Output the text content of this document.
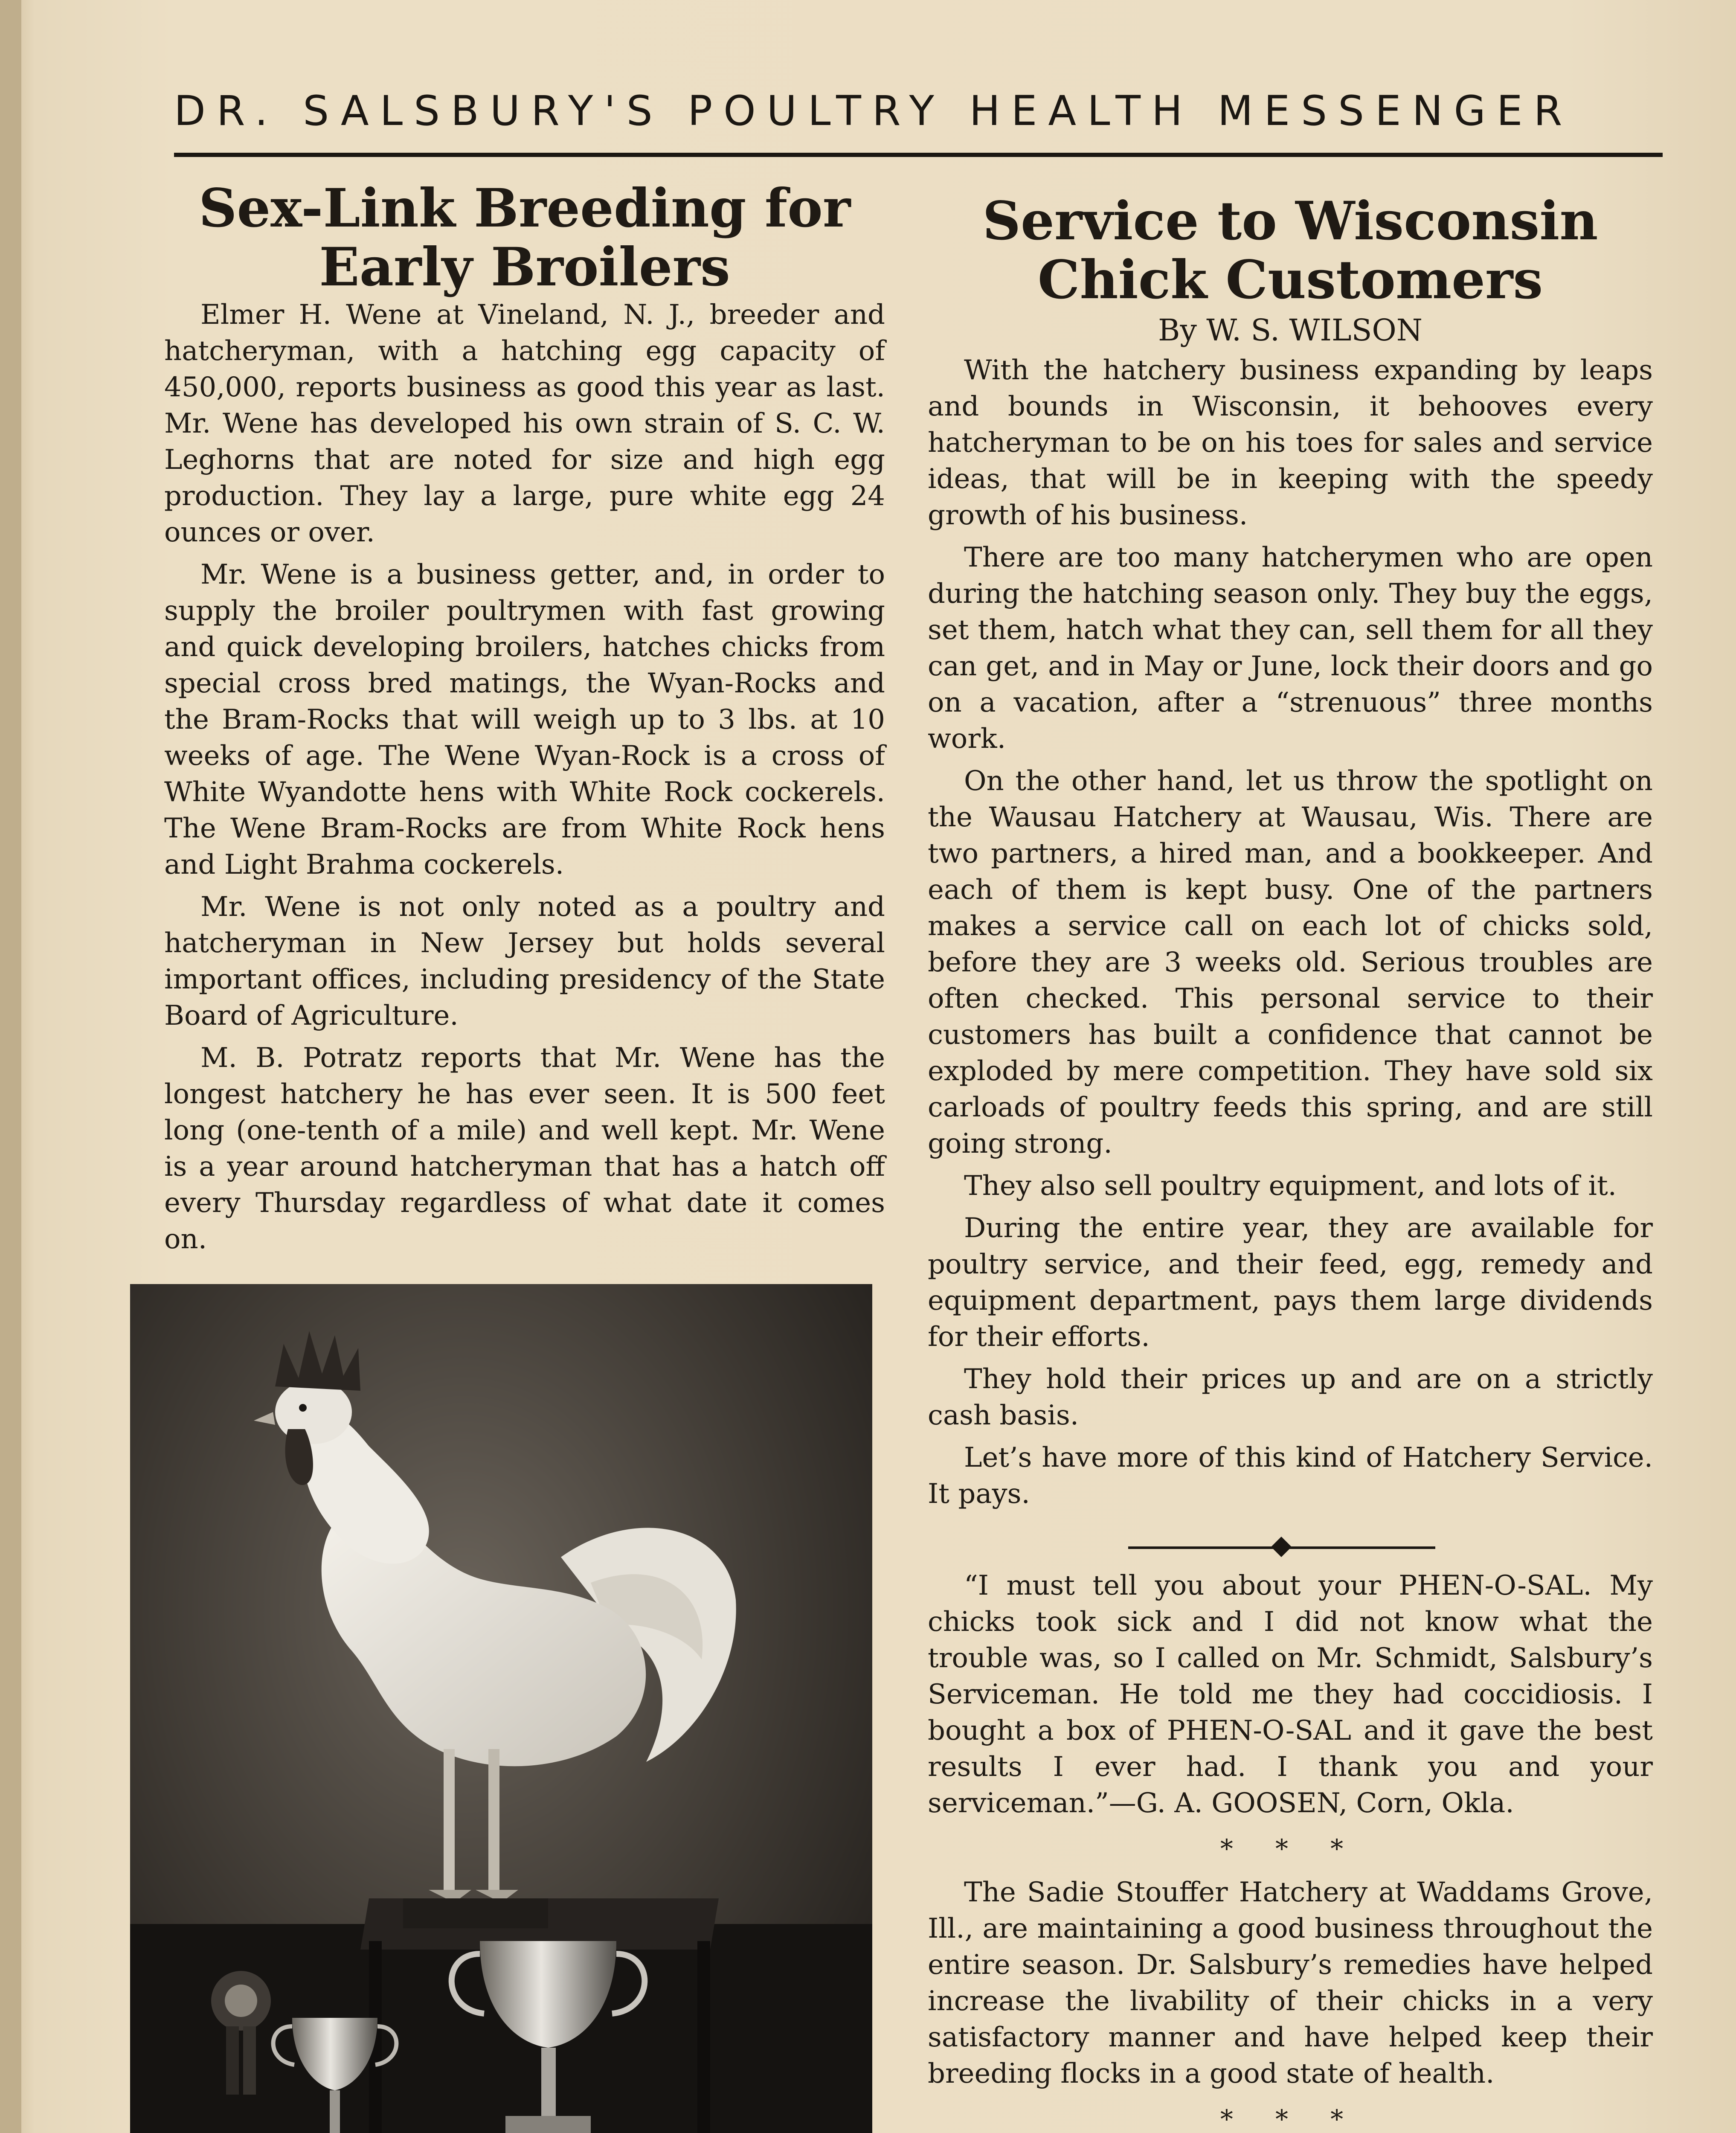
DR. SALSBURY'S POULTRY HEALTH MESSENGER
Sex-Link Breeding for Early Broilers

Elmer H. Wene at Vineland, N. J., breeder and hatcheryman, with a hatching egg capacity of 450,000, reports business as good this year as last. Mr. Wene has developed his own strain of S. C. W. Leghorns that are noted for size and high egg production. They lay a large, pure white egg 24 ounces or over.

Mr. Wene is a business getter, and, in order to supply the broiler poultrymen with fast growing and quick developing broilers, hatches chicks from special cross bred matings, the Wyan-Rocks and the Bram-Rocks that will weigh up to 3 lbs. at 10 weeks of age. The Wene Wyan-Rock is a cross of White Wyandotte hens with White Rock cockerels. The Wene Bram-Rocks are from White Rock hens and Light Brahma cockerels.

Mr. Wene is not only noted as a poultry and hatcheryman in New Jersey but holds several important offices, including presidency of the State Board of Agriculture.

M. B. Potratz reports that Mr. Wene has the longest hatchery he has ever seen. It is 500 feet long (one-tenth of a mile) and well kept. Mr. Wene is a year around hatcheryman that has a hatch off every Thursday regardless of what date it comes on.

Service to Wisconsin Chick Customers

By W. S. WILSON

With the hatchery business expanding by leaps and bounds in Wisconsin, it behooves every hatcheryman to be on his toes for sales and service ideas, that will be in keeping with the speedy growth of his business.

There are too many hatcherymen who are open during the hatching season only. They buy the eggs, set them, hatch what they can, sell them for all they can get, and in May or June, lock their doors and go on a vacation, after a “strenuous” three months work.

On the other hand, let us throw the spotlight on the Wausau Hatchery at Wausau, Wis. There are two partners, a hired man, and a bookkeeper. And each of them is kept busy. One of the partners makes a service call on each lot of chicks sold, before they are 3 weeks old. Serious troubles are often checked. This personal service to their customers has built a confidence that cannot be exploded by mere competition. They have sold six carloads of poultry feeds this spring, and are still going strong.

They also sell poultry equipment, and lots of it.

During the entire year, they are available for poultry service, and their feed, egg, remedy and equipment department, pays them large dividends for their efforts.

They hold their prices up and are on a strictly cash basis.

Let’s have more of this kind of Hatchery Service. It pays.

“I must tell you about your PHEN-O-SAL. My chicks took sick and I did not know what the trouble was, so I called on Mr. Schmidt, Salsbury’s Serviceman. He told me they had coccidiosis. I bought a box of PHEN-O-SAL and it gave the best results I ever had. I thank you and your serviceman.”—G. A. GOOSEN, Corn, Okla.

* * *

The Sadie Stouffer Hatchery at Waddams Grove, Ill., are maintaining a good business throughout the entire season. Dr. Salsbury’s remedies have helped increase the livability of their chicks in a very satisfactory manner and have helped keep their breeding flocks in a good state of health.

* * *
